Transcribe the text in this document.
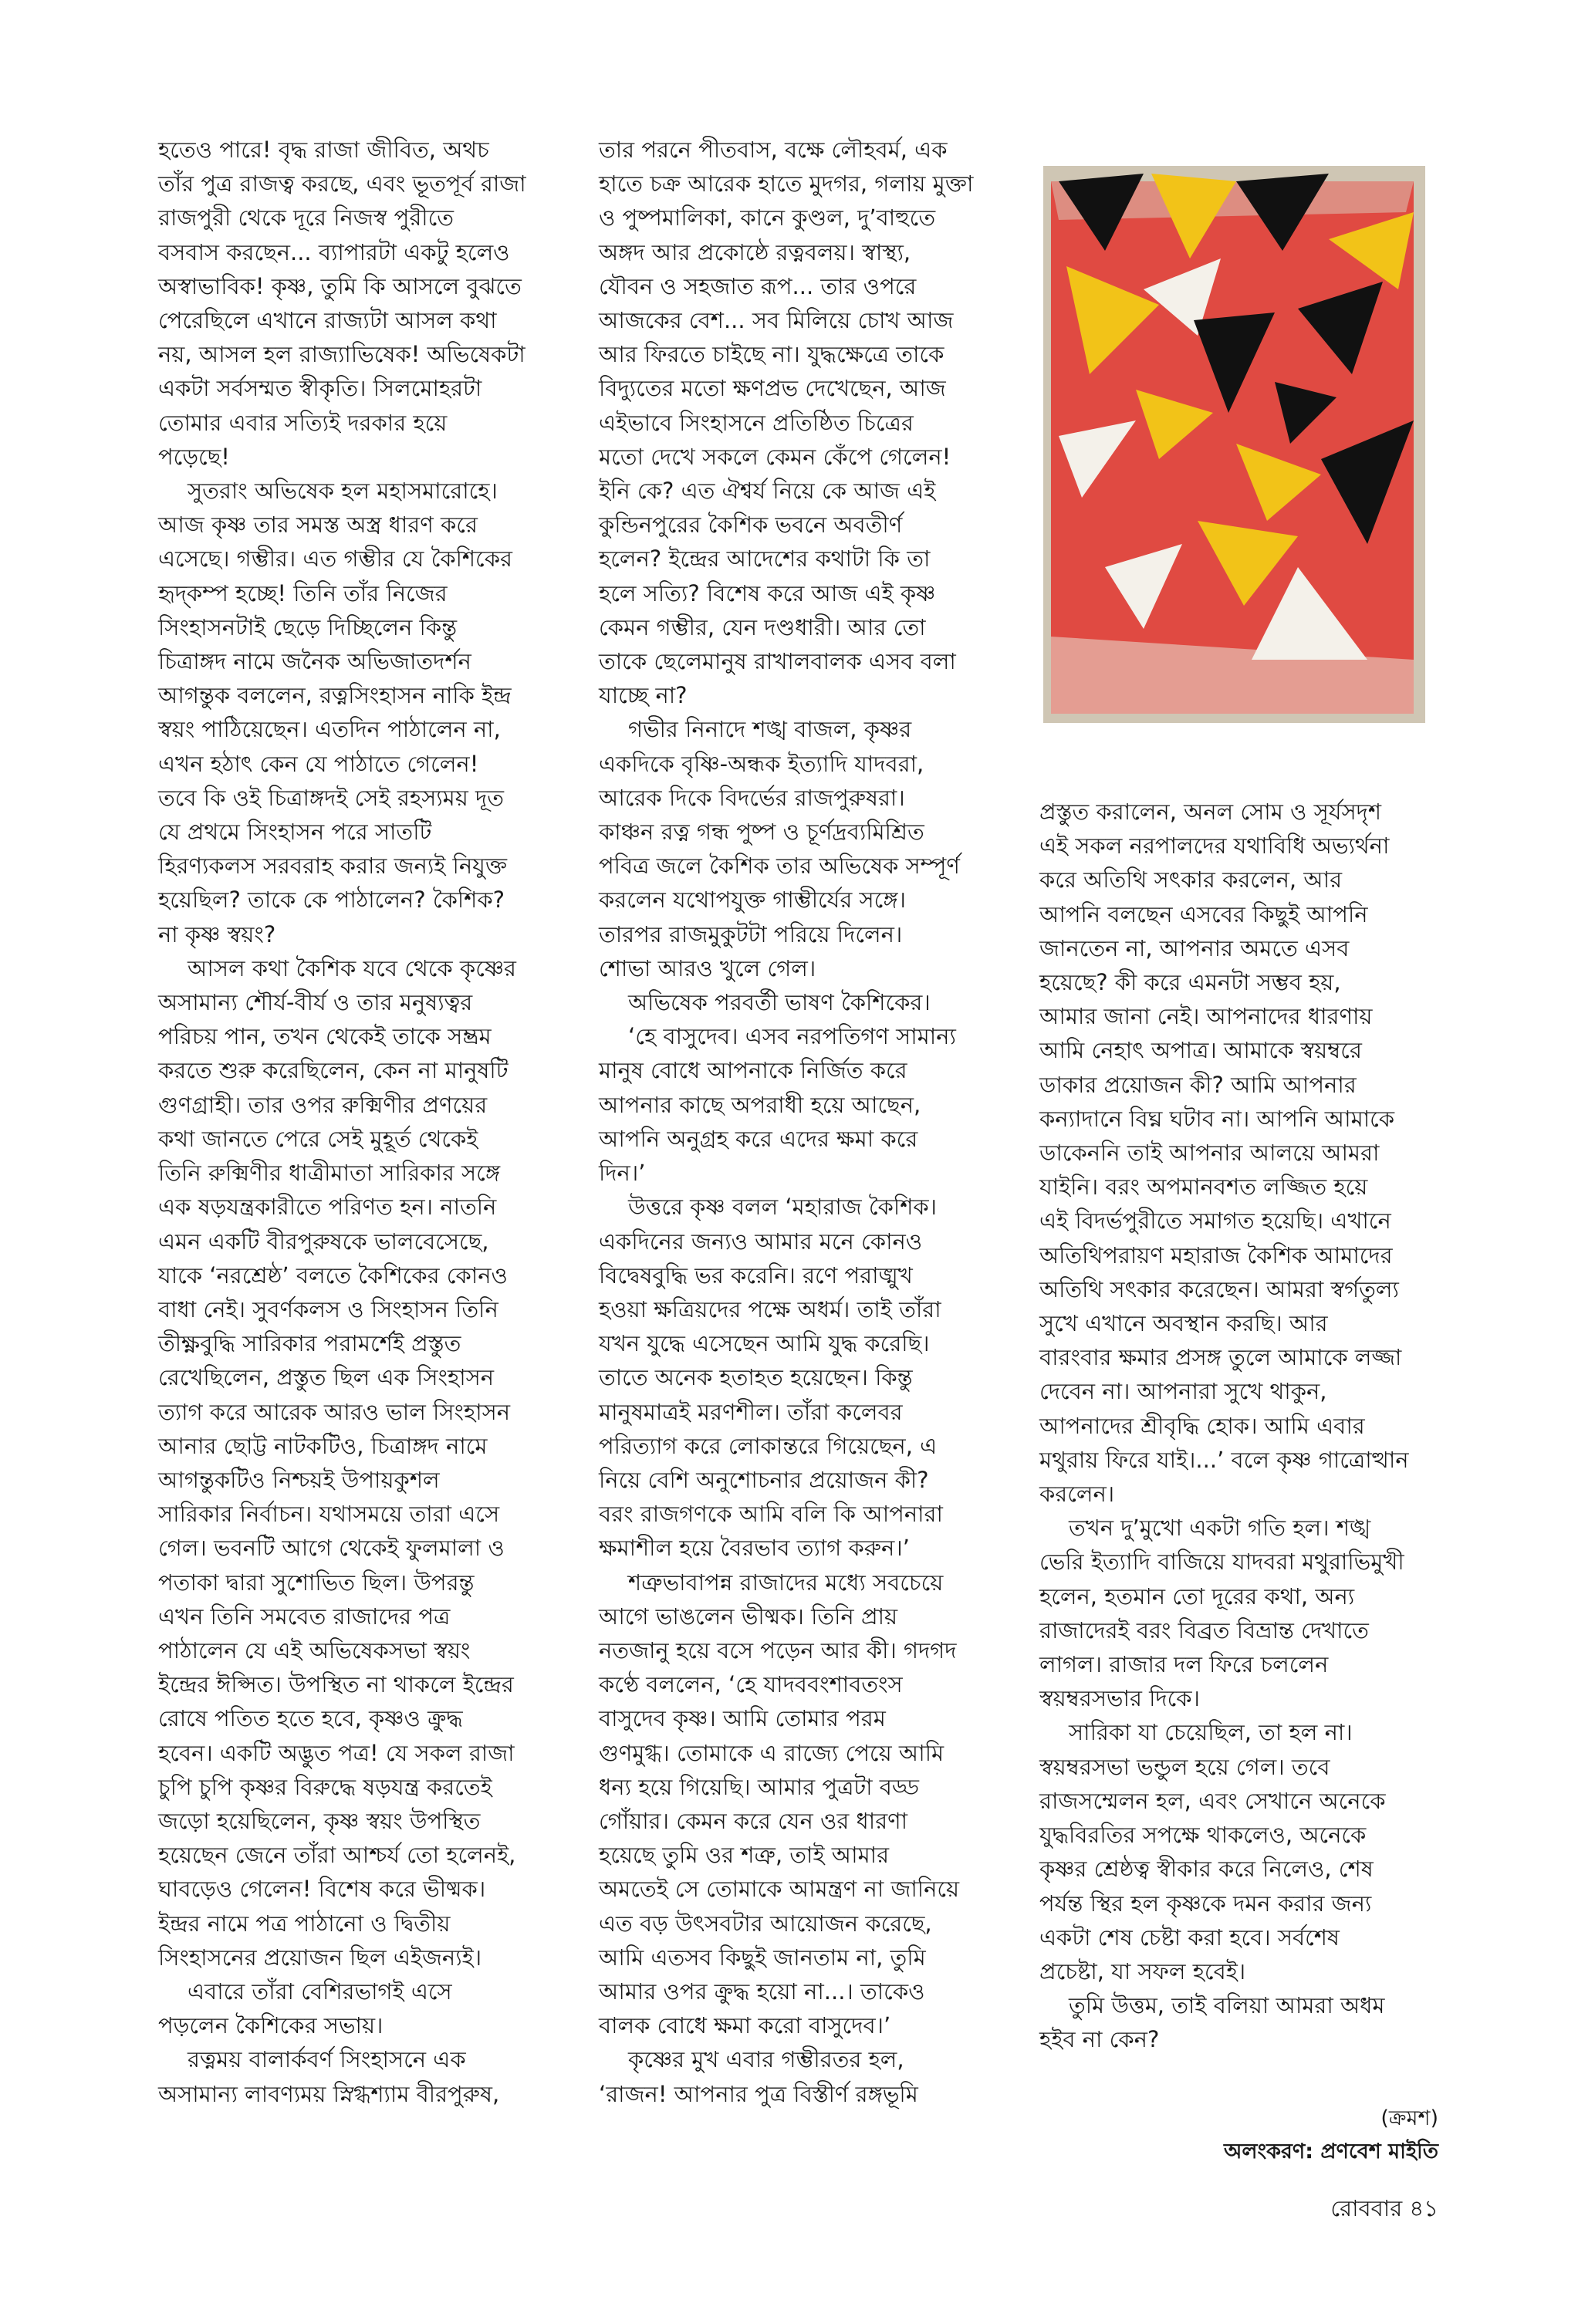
হতেও পারে! বৃদ্ধ রাজা জীবিত, অথচ
তাঁর পুত্র রাজত্ব করছে, এবং ভূতপূর্ব রাজা
রাজপুরী থেকে দূরে নিজস্ব পুরীতে
বসবাস করছেন... ব্যাপারটা একটু হলেও
অস্বাভাবিক! কৃষ্ণ, তুমি কি আসলে বুঝতে
পেরেছিলে এখানে রাজ্যটা আসল কথা
নয়, আসল হল রাজ্যাভিষেক! অভিষেকটা
একটা সর্বসম্মত স্বীকৃতি। সিলমোহরটা
তোমার এবার সত্যিই দরকার হয়ে
পড়েছে!

সুতরাং অভিষেক হল মহাসমারোহে।
আজ কৃষ্ণ তার সমস্ত অস্ত্র ধারণ করে
এসেছে। গম্ভীর। এত গম্ভীর যে কৈশিকের
হৃদ্‌কম্প হচ্ছে! তিনি তাঁর নিজের
সিংহাসনটাই ছেড়ে দিচ্ছিলেন কিন্তু
চিত্রাঙ্গদ নামে জনৈক অভিজাতদর্শন
আগন্তুক বললেন, রত্নসিংহাসন নাকি ইন্দ্র
স্বয়ং পাঠিয়েছেন। এতদিন পাঠালেন না,
এখন হঠাৎ কেন যে পাঠাতে গেলেন!
তবে কি ওই চিত্রাঙ্গদই সেই রহস্যময় দূত
যে প্রথমে সিংহাসন পরে সাতটি
হিরণ্যকলস সরবরাহ করার জন্যই নিযুক্ত
হয়েছিল? তাকে কে পাঠালেন? কৈশিক?
না কৃষ্ণ স্বয়ং?

আসল কথা কৈশিক যবে থেকে কৃষ্ণের
অসামান্য শৌর্য-বীর্য ও তার মনুষ্যত্বর
পরিচয় পান, তখন থেকেই তাকে সম্ভ্রম
করতে শুরু করেছিলেন, কেন না মানুষটি
গুণগ্রাহী। তার ওপর রুক্মিণীর প্রণয়ের
কথা জানতে পেরে সেই মুহূর্ত থেকেই
তিনি রুক্মিণীর ধাত্রীমাতা সারিকার সঙ্গে
এক ষড়যন্ত্রকারীতে পরিণত হন। নাতনি
এমন একটি বীরপুরুষকে ভালবেসেছে,
যাকে ‘নরশ্রেষ্ঠ’ বলতে কৈশিকের কোনও
বাধা নেই। সুবর্ণকলস ও সিংহাসন তিনি
তীক্ষ্ণবুদ্ধি সারিকার পরামর্শেই প্রস্তুত
রেখেছিলেন, প্রস্তুত ছিল এক সিংহাসন
ত্যাগ করে আরেক আরও ভাল সিংহাসন
আনার ছোট্ট নাটকটিও, চিত্রাঙ্গদ নামে
আগন্তুকটিও নিশ্চয়ই উপায়কুশল
সারিকার নির্বাচন। যথাসময়ে তারা এসে
গেল। ভবনটি আগে থেকেই ফুলমালা ও
পতাকা দ্বারা সুশোভিত ছিল। উপরন্তু
এখন তিনি সমবেত রাজাদের পত্র
পাঠালেন যে এই অভিষেকসভা স্বয়ং
ইন্দ্রের ঈপ্সিত। উপস্থিত না থাকলে ইন্দ্রের
রোষে পতিত হতে হবে, কৃষ্ণও ক্রুদ্ধ
হবেন। একটি অদ্ভুত পত্র! যে সকল রাজা
চুপি চুপি কৃষ্ণর বিরুদ্ধে ষড়যন্ত্র করতেই
জড়ো হয়েছিলেন, কৃষ্ণ স্বয়ং উপস্থিত
হয়েছেন জেনে তাঁরা আশ্চর্য তো হলেনই,
ঘাবড়েও গেলেন! বিশেষ করে ভীষ্মক।
ইন্দ্রর নামে পত্র পাঠানো ও দ্বিতীয়
সিংহাসনের প্রয়োজন ছিল এইজন্যই।

এবারে তাঁরা বেশিরভাগই এসে
পড়লেন কৈশিকের সভায়।

রত্নময় বালার্কবর্ণ সিংহাসনে এক
অসামান্য লাবণ্যময় স্নিগ্ধশ্যাম বীরপুরুষ,

তার পরনে পীতবাস, বক্ষে লৌহবর্ম, এক
হাতে চক্র আরেক হাতে মুদগর, গলায় মুক্তা
ও পুষ্পমালিকা, কানে কুণ্ডল, দু’বাহুতে
অঙ্গদ আর প্রকোষ্ঠে রত্নবলয়। স্বাস্থ্য,
যৌবন ও সহজাত রূপ... তার ওপরে
আজকের বেশ... সব মিলিয়ে চোখ আজ
আর ফিরতে চাইছে না। যুদ্ধক্ষেত্রে তাকে
বিদ্যুতের মতো ক্ষণপ্রভ দেখেছেন, আজ
এইভাবে সিংহাসনে প্রতিষ্ঠিত চিত্রের
মতো দেখে সকলে কেমন কেঁপে গেলেন!
ইনি কে? এত ঐশ্বর্য নিয়ে কে আজ এই
কুন্ডিনপুরের কৈশিক ভবনে অবতীর্ণ
হলেন? ইন্দ্রের আদেশের কথাটা কি তা
হলে সত্যি? বিশেষ করে আজ এই কৃষ্ণ
কেমন গম্ভীর, যেন দণ্ডধারী। আর তো
তাকে ছেলেমানুষ রাখালবালক এসব বলা
যাচ্ছে না?

গভীর নিনাদে শঙ্খ বাজল, কৃষ্ণর
একদিকে বৃষ্ণি-অন্ধক ইত্যাদি যাদবরা,
আরেক দিকে বিদর্ভের রাজপুরুষরা।
কাঞ্চন রত্ন গন্ধ পুষ্প ও চূর্ণদ্রব্যমিশ্রিত
পবিত্র জলে কৈশিক তার অভিষেক সম্পূর্ণ
করলেন যথোপযুক্ত গাম্ভীর্যের সঙ্গে।
তারপর রাজমুকুটটা পরিয়ে দিলেন।
শোভা আরও খুলে গেল।

অভিষেক পরবর্তী ভাষণ কৈশিকের।

‘হে বাসুদেব। এসব নরপতিগণ সামান্য
মানুষ বোধে আপনাকে নির্জিত করে
আপনার কাছে অপরাধী হয়ে আছেন,
আপনি অনুগ্রহ করে এদের ক্ষমা করে
দিন।’

উত্তরে কৃষ্ণ বলল ‘মহারাজ কৈশিক।
একদিনের জন্যও আমার মনে কোনও
বিদ্বেষবুদ্ধি ভর করেনি। রণে পরাঙ্মুখ
হওয়া ক্ষত্রিয়দের পক্ষে অধর্ম। তাই তাঁরা
যখন যুদ্ধে এসেছেন আমি যুদ্ধ করেছি।
তাতে অনেক হতাহত হয়েছেন। কিন্তু
মানুষমাত্রই মরণশীল। তাঁরা কলেবর
পরিত্যাগ করে লোকান্তরে গিয়েছেন, এ
নিয়ে বেশি অনুশোচনার প্রয়োজন কী?
বরং রাজগণকে আমি বলি কি আপনারা
ক্ষমাশীল হয়ে বৈরভাব ত্যাগ করুন।’

শত্রুভাবাপন্ন রাজাদের মধ্যে সবচেয়ে
আগে ভাঙলেন ভীষ্মক। তিনি প্রায়
নতজানু হয়ে বসে পড়েন আর কী। গদগদ
কণ্ঠে বললেন, ‘হে যাদববংশাবতংস
বাসুদেব কৃষ্ণ। আমি তোমার পরম
গুণমুগ্ধ। তোমাকে এ রাজ্যে পেয়ে আমি
ধন্য হয়ে গিয়েছি। আমার পুত্রটা বড্ড
গোঁয়ার। কেমন করে যেন ওর ধারণা
হয়েছে তুমি ওর শত্রু, তাই আমার
অমতেই সে তোমাকে আমন্ত্রণ না জানিয়ে
এত বড় উৎসবটার আয়োজন করেছে,
আমি এতসব কিছুই জানতাম না, তুমি
আমার ওপর ক্রুদ্ধ হয়ো না...। তাকেও
বালক বোধে ক্ষমা করো বাসুদেব।’

কৃষ্ণের মুখ এবার গম্ভীরতর হল,
‘রাজন! আপনার পুত্র বিস্তীর্ণ রঙ্গভূমি

প্রস্তুত করালেন, অনল সোম ও সূর্যসদৃশ
এই সকল নরপালদের যথাবিধি অভ্যর্থনা
করে অতিথি সৎকার করলেন, আর
আপনি বলছেন এসবের কিছুই আপনি
জানতেন না, আপনার অমতে এসব
হয়েছে? কী করে এমনটা সম্ভব হয়,
আমার জানা নেই। আপনাদের ধারণায়
আমি নেহাৎ অপাত্র। আমাকে স্বয়ম্বরে
ডাকার প্রয়োজন কী? আমি আপনার
কন্যাদানে বিঘ্ন ঘটাব না। আপনি আমাকে
ডাকেননি তাই আপনার আলয়ে আমরা
যাইনি। বরং অপমানবশত লজ্জিত হয়ে
এই বিদর্ভপুরীতে সমাগত হয়েছি। এখানে
অতিথিপরায়ণ মহারাজ কৈশিক আমাদের
অতিথি সৎকার করেছেন। আমরা স্বর্গতুল্য
সুখে এখানে অবস্থান করছি। আর
বারংবার ক্ষমার প্রসঙ্গ তুলে আমাকে লজ্জা
দেবেন না। আপনারা সুখে থাকুন,
আপনাদের শ্রীবৃদ্ধি হোক। আমি এবার
মথুরায় ফিরে যাই।...’ বলে কৃষ্ণ গাত্রোত্থান
করলেন।

তখন দু’মুখো একটা গতি হল। শঙ্খ
ভেরি ইত্যাদি বাজিয়ে যাদবরা মথুরাভিমুখী
হলেন, হতমান তো দূরের কথা, অন্য
রাজাদেরই বরং বিব্রত বিভ্রান্ত দেখাতে
লাগল। রাজার দল ফিরে চললেন
স্বয়ম্বরসভার দিকে।

সারিকা যা চেয়েছিল, তা হল না।
স্বয়ম্বরসভা ভন্ডুল হয়ে গেল। তবে
রাজসম্মেলন হল, এবং সেখানে অনেকে
যুদ্ধবিরতির সপক্ষে থাকলেও, অনেকে
কৃষ্ণর শ্রেষ্ঠত্ব স্বীকার করে নিলেও, শেষ
পর্যন্ত স্থির হল কৃষ্ণকে দমন করার জন্য
একটা শেষ চেষ্টা করা হবে। সর্বশেষ
প্রচেষ্টা, যা সফল হবেই।

তুমি উত্তম, তাই বলিয়া আমরা অধম
হইব না কেন?

(ক্রমশ)
অলংকরণ: প্রণবেশ মাইতি
রোববার ৪১
